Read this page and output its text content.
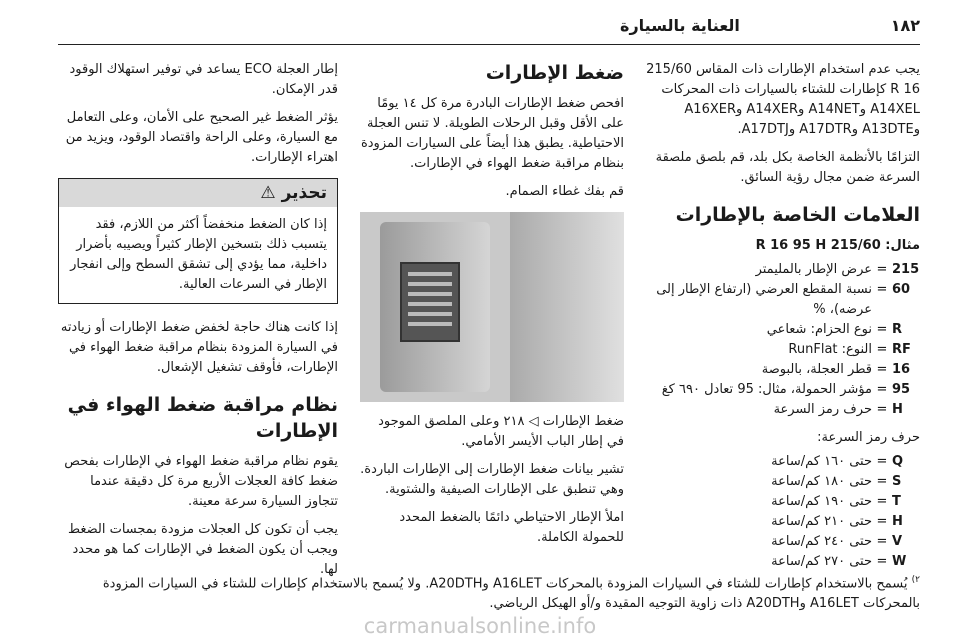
١٨٢
العناية بالسيارة

يجب عدم استخدام الإطارات ذات المقاس 215/60 R 16 كإطارات للشتاء بالسيارات ذات المحركات A14XEL وA14NET وA14XER وA16XER وA13DTE وA17DTR وA17DTJ.

التزامًا بالأنظمة الخاصة بكل بلد، قم بلصق ملصقة السرعة ضمن مجال رؤية السائق.

العلامات الخاصة بالإطارات
مثال: 215/60 R 16 95 H
215	=	عرض الإطار بالمليمتر
60	=	نسبة المقطع العرضي (ارتفاع الإطار إلى عرضه)، %
R	=	نوع الحزام: شعاعي
RF	=	النوع: RunFlat
16	=	قطر العجلة، بالبوصة
95	=	مؤشر الحمولة، مثال: 95 تعادل ٦٩٠ كغ
H	=	حرف رمز السرعة
حرف رمز السرعة:
Q	=	حتى ١٦٠ كم/ساعة
S	=	حتى ١٨٠ كم/ساعة
T	=	حتى ١٩٠ كم/ساعة
H	=	حتى ٢١٠ كم/ساعة
V	=	حتى ٢٤٠ كم/ساعة
W	=	حتى ٢٧٠ كم/ساعة
ضغط الإطارات

افحص ضغط الإطارات البادرة مرة كل ١٤ يومًا على الأقل وقبل الرحلات الطويلة. لا تنس العجلة الاحتياطية. يطبق هذا أيضاً على السيارات المزودة بنظام مراقبة ضغط الهواء في الإطارات.

قم بفك غطاء الصمام.

ضغط الإطارات ◁ ٢١٨ وعلى الملصق الموجود في إطار الباب الأيسر الأمامي.

تشير بيانات ضغط الإطارات إلى الإطارات الباردة. وهي تنطبق على الإطارات الصيفية والشتوية.

املأ الإطار الاحتياطي دائمًا بالضغط المحدد للحمولة الكاملة.

إطار العجلة ECO يساعد في توفير استهلاك الوقود قدر الإمكان.

يؤثر الضغط غير الصحيح على الأمان، وعلى التعامل مع السيارة، وعلى الراحة واقتصاد الوقود، ويزيد من اهتراء الإطارات.

تحذير ⚠
إذا كان الضغط منخفضاً أكثر من اللازم، فقد يتسبب ذلك بتسخين الإطار كثيراً ويصيبه بأضرار داخلية، مما يؤدي إلى تشقق السطح وإلى انفجار الإطار في السرعات العالية.

إذا كانت هناك حاجة لخفض ضغط الإطارات أو زيادته في السيارة المزودة بنظام مراقبة ضغط الهواء في الإطارات، فأوقف تشغيل الإشعال.

نظام مراقبة ضغط الهواء في الإطارات

يقوم نظام مراقبة ضغط الهواء في الإطارات بفحص ضغط كافة العجلات الأربع مرة كل دقيقة عندما تتجاوز السيارة سرعة معينة.

يجب أن تكون كل العجلات مزودة بمجسات الضغط ويجب أن يكون الضغط في الإطارات كما هو محدد لها.

$^{٢)}$ يُسمح بالاستخدام كإطارات للشتاء في السيارات المزودة بالمحركات A16LET وA20DTH. ولا يُسمح بالاستخدام كإطارات للشتاء في السيارات المزودة بالمحركات A16LET وA20DTH ذات زاوية التوجيه المقيدة و/أو الهيكل الرياضي.
carmanualsonline.info
